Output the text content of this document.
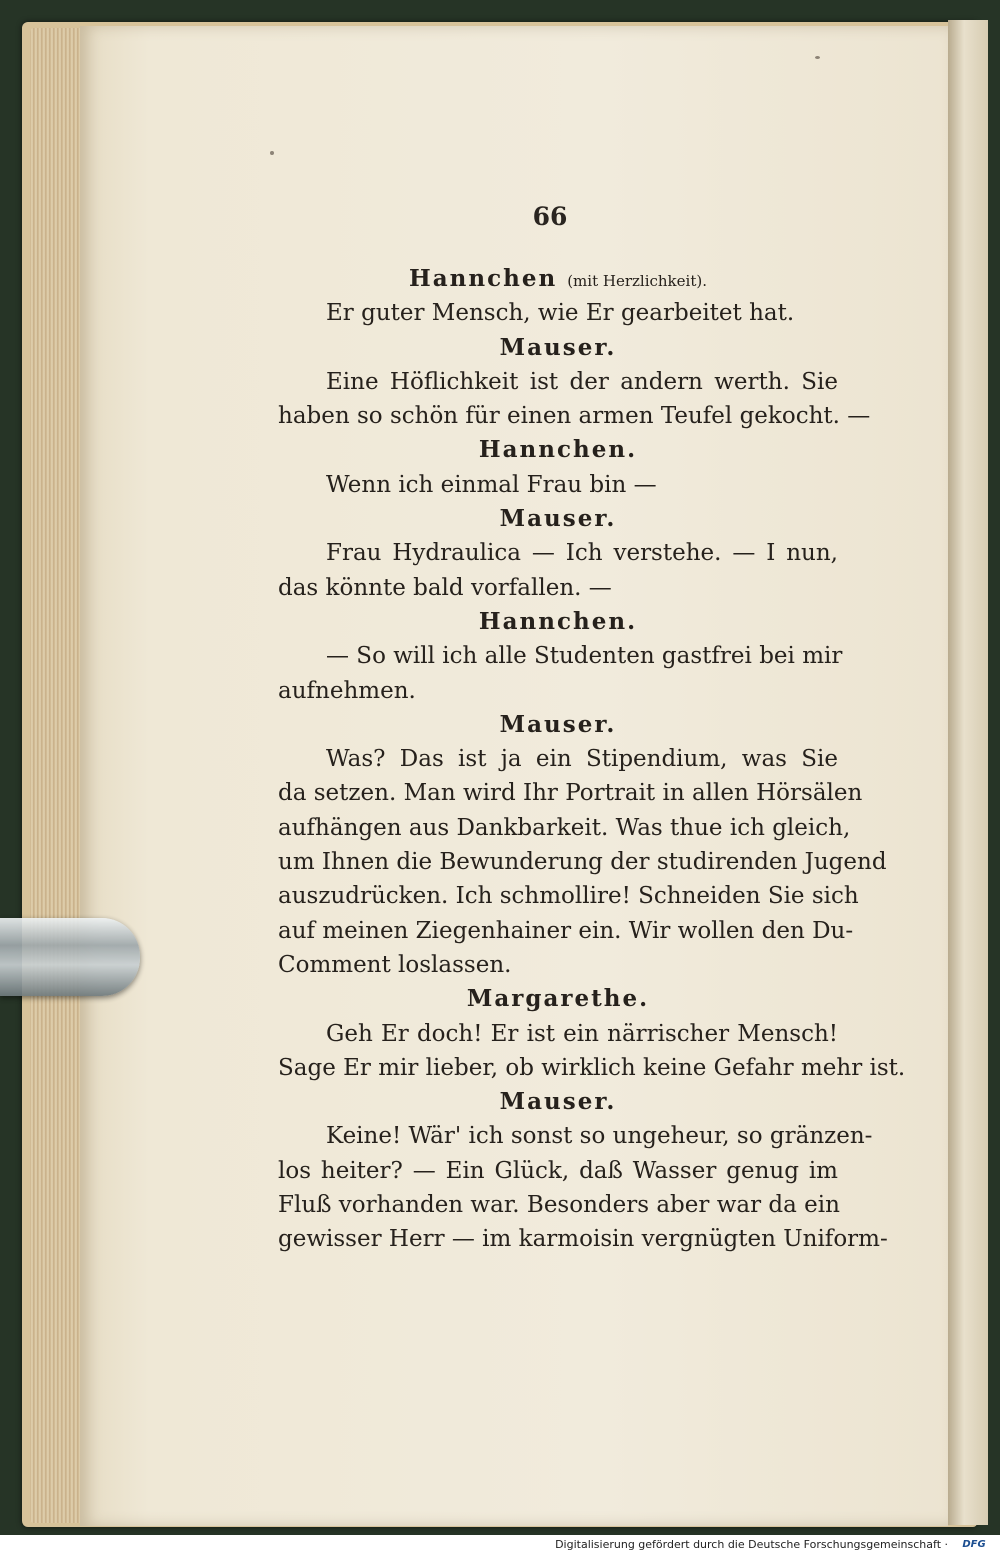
66
Hannchen (mit Herzlichkeit).
Er guter Mensch, wie Er gearbeitet hat.
Mauser.
Eine Höflichkeit ist der andern werth. Sie
haben so schön für einen armen Teufel gekocht. —
Hannchen.
Wenn ich einmal Frau bin —
Mauser.
Frau Hydraulica — Ich verstehe. — I nun,
das könnte bald vorfallen. —
Hannchen.
— So will ich alle Studenten gastfrei bei mir
aufnehmen.
Mauser.
Was? Das ist ja ein Stipendium, was Sie
da setzen. Man wird Ihr Portrait in allen Hörsälen
aufhängen aus Dankbarkeit. Was thue ich gleich,
um Ihnen die Bewunderung der studirenden Jugend
auszudrücken. Ich schmollire! Schneiden Sie sich
auf meinen Ziegenhainer ein. Wir wollen den Du-
Comment loslassen.
Margarethe.
Geh Er doch! Er ist ein närrischer Mensch!
Sage Er mir lieber, ob wirklich keine Gefahr mehr ist.
Mauser.
Keine! Wär' ich sonst so ungeheur, so gränzen-
los heiter? — Ein Glück, daß Wasser genug im
Fluß vorhanden war. Besonders aber war da ein
gewisser Herr — im karmoisin vergnügten Uniform-
Digitalisierung gefördert durch die Deutsche Forschungsgemeinschaft ·	DFG
